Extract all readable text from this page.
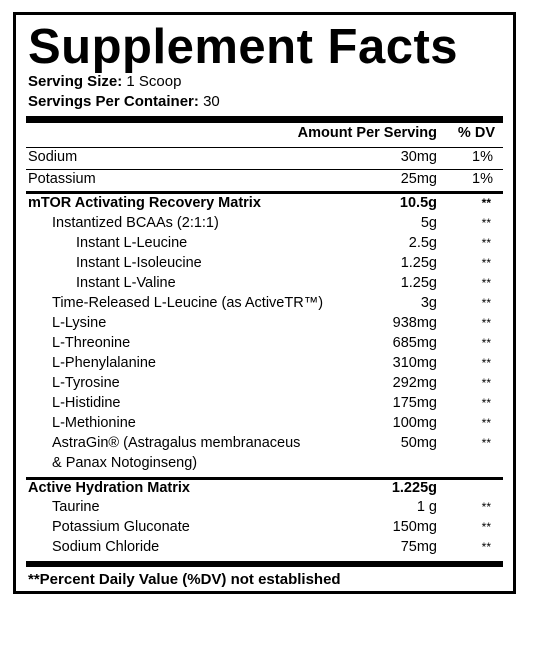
Supplement Facts
Serving Size: 1 Scoop
Servings Per Container: 30
Amount Per Serving % DV
Sodium	30mg	1%
Potassium	25mg	1%
mTOR Activating Recovery Matrix	10.5g	**
Instantized BCAAs (2:1:1)	5g	**
Instant L-Leucine	2.5g	**
Instant L-Isoleucine	1.25g	**
Instant L-Valine	1.25g	**
Time-Released L-Leucine (as ActiveTR™)	3g	**
L-Lysine	938mg	**
L-Threonine	685mg	**
L-Phenylalanine	310mg	**
L-Tyrosine	292mg	**
L-Histidine	175mg	**
L-Methionine	100mg	**
AstraGin® (Astragalus membranaceus	50mg	**
& Panax Notoginseng)
Active Hydration Matrix	1.225g
Taurine	1 g	**
Potassium Gluconate	150mg	**
Sodium Chloride	75mg	**
**Percent Daily Value (%DV) not established
